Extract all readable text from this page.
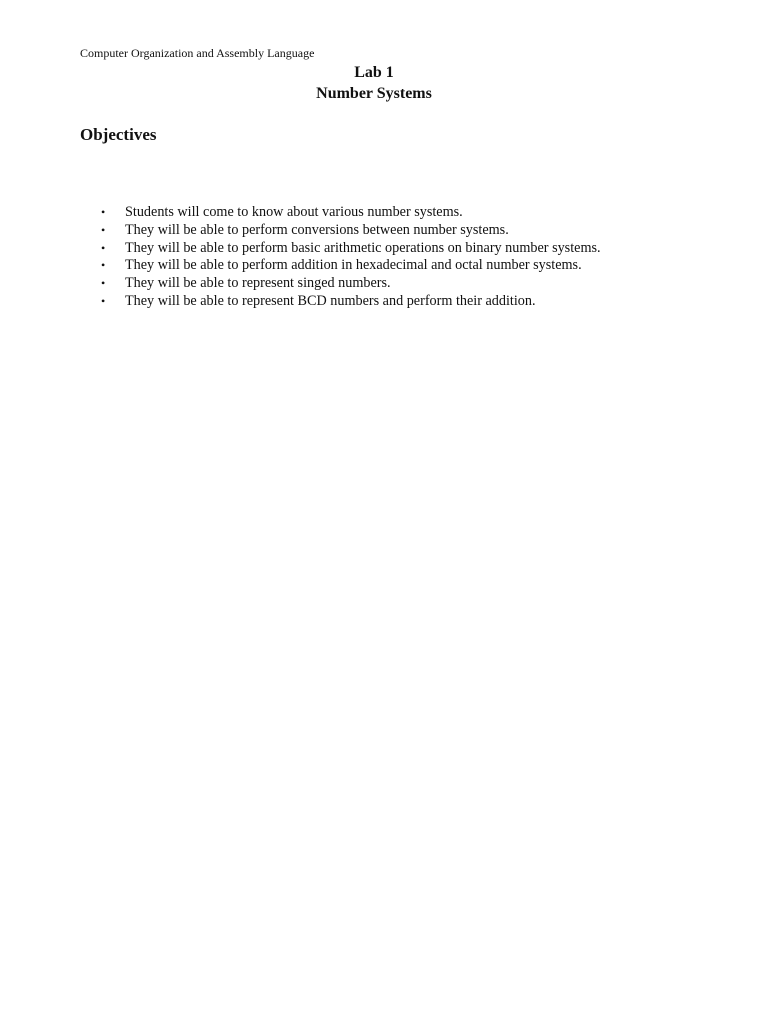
Computer Organization and Assembly Language
Lab 1
Number Systems
Objectives
• Students will come to know about various number systems.
• They will be able to perform conversions between number systems.
• They will be able to perform basic arithmetic operations on binary number systems.
• They will be able to perform addition in hexadecimal and octal number systems.
• They will be able to represent singed numbers.
• They will be able to represent BCD numbers and perform their addition.
